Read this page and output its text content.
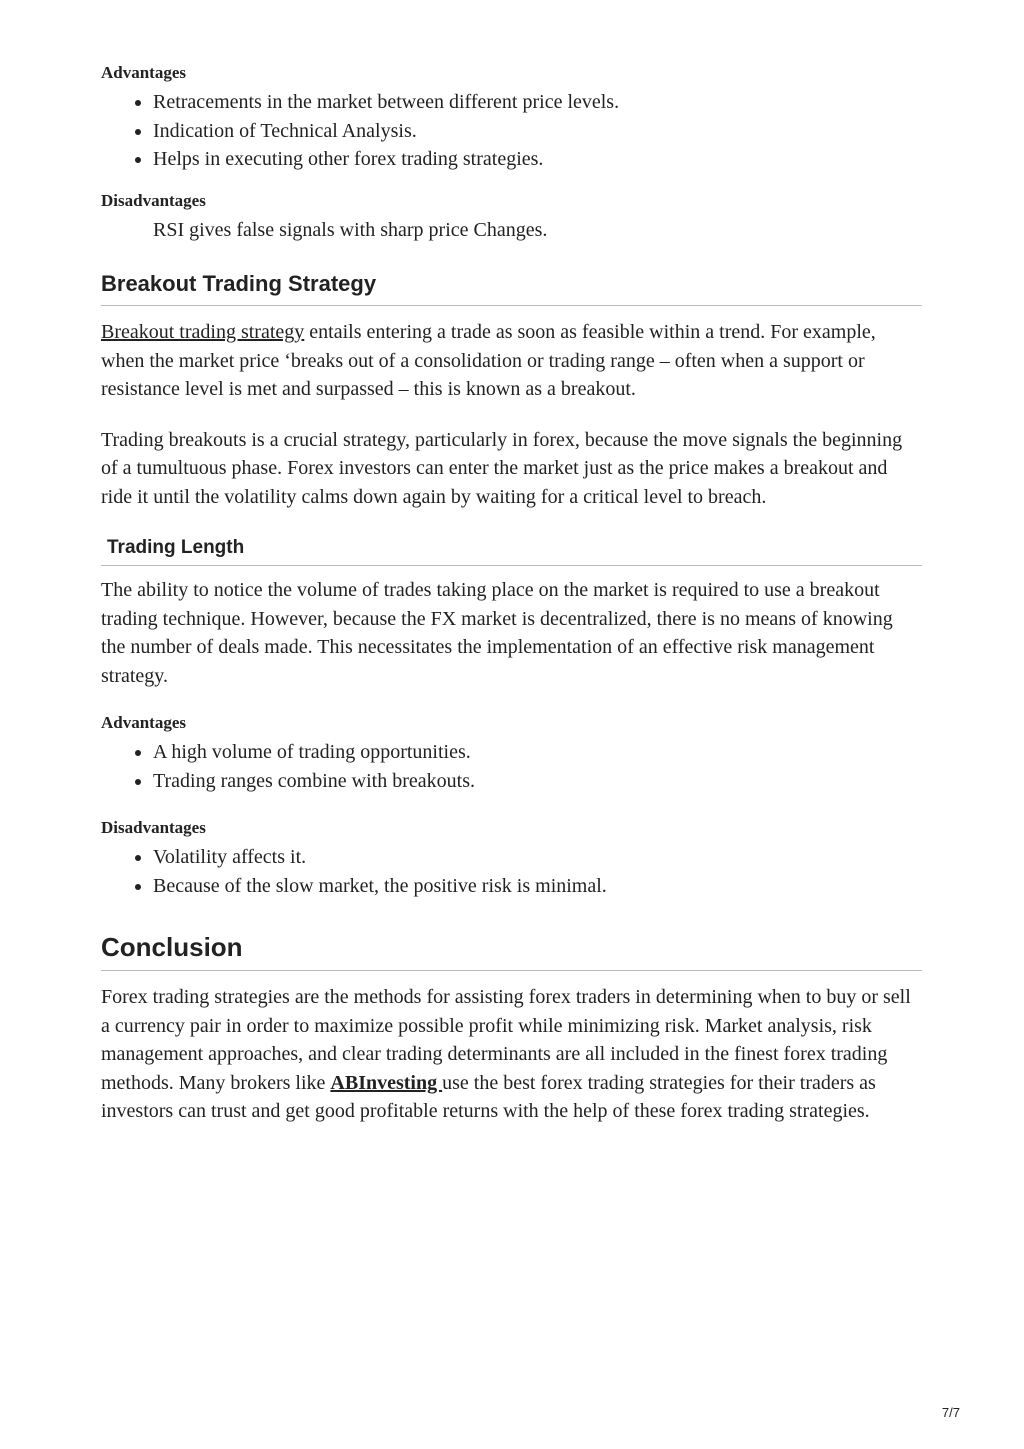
Advantages

• Retracements in the market between different price levels.
• Indication of Technical Analysis.
• Helps in executing other forex trading strategies.

Disadvantages

RSI gives false signals with sharp price Changes.

Breakout Trading Strategy

Breakout trading strategy entails entering a trade as soon as feasible within a trend. For example, when the market price ‘breaks out of a consolidation or trading range – often when a support or resistance level is met and surpassed – this is known as a breakout.

Trading breakouts is a crucial strategy, particularly in forex, because the move signals the beginning of a tumultuous phase. Forex investors can enter the market just as the price makes a breakout and ride it until the volatility calms down again by waiting for a critical level to breach.

Trading Length

The ability to notice the volume of trades taking place on the market is required to use a breakout trading technique. However, because the FX market is decentralized, there is no means of knowing the number of deals made. This necessitates the implementation of an effective risk management strategy.

Advantages

• A high volume of trading opportunities.
• Trading ranges combine with breakouts.

Disadvantages

• Volatility affects it.
• Because of the slow market, the positive risk is minimal.
Conclusion

Forex trading strategies are the methods for assisting forex traders in determining when to buy or sell a currency pair in order to maximize possible profit while minimizing risk. Market analysis, risk management approaches, and clear trading determinants are all included in the finest forex trading methods. Many brokers like ABInvesting use the best forex trading strategies for their traders as investors can trust and get good profitable returns with the help of these forex trading strategies.

7/7
